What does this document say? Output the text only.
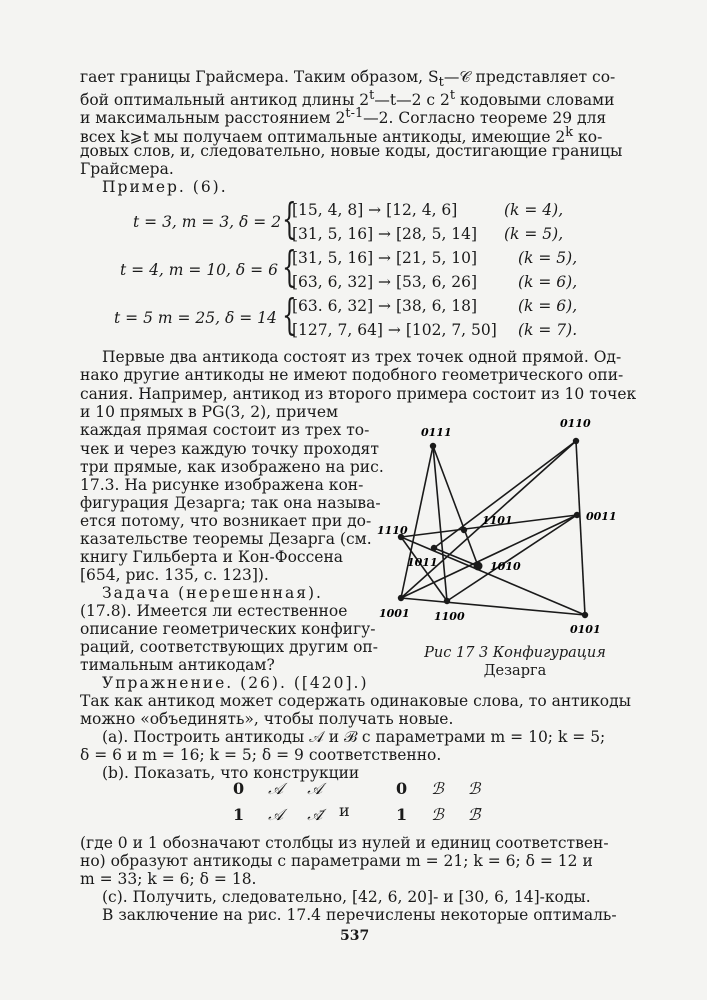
гает границы Грайсмера. Таким образом, $S_t—𝒞$ представляет со-
бой оптимальный антикод длины 2$^t$—t—2 с 2$^t$ кодовыми словами
и максимальным расстоянием 2$^{t-1}$—2. Согласно теореме 29 для
всех k⩾t мы получаем оптимальные антикоды, имеющие 2$^k$ ко-
довых слов, и, следовательно, новые коды, достигающие границы
Грайсмера.
Пример. (6).
t = 3, m = 3, δ = 2 {
[15, 4, 8] → [12, 4, 6]	(k = 4),
[31, 5, 16] → [28, 5, 14] (k = 5),
t = 4, m = 10, δ = 6 {
[31, 5, 16] → [21, 5, 10]	(k = 5),
[63, 6, 32] → [53, 6, 26]	(k = 6),
t = 5 m = 25, δ = 14 {
[63. 6, 32] → [38, 6, 18]	(k = 6),
[127, 7, 64] → [102, 7, 50] (k = 7).
Первые два антикода состоят из трех точек одной прямой. Од-
нако другие антикоды не имеют подобного геометрического опи-
сания. Например, антикод из второго примера состоит из 10 точек
и 10 прямых в PG(3, 2), причем
каждая прямая состоит из трех то-
чек и через каждую точку проходят
три прямые, как изображено на рис.
17.3. На рисунке изображена кон-
фигурация Дезарга; так она называ-
ется потому, что возникает при до-
казательстве теоремы Дезарга (см.
книгу Гильберта и Кон-Фоссена
[654, рис. 135, с. 123]).
Задача (нерешенная).
(17.8). Имеется ли естественное
описание геометрических конфигу-
раций, соответствующих другим оп-
тимальным антикодам?
0111
0110
1101	0011
1110
1011	1010
1001 1100
0101
Рис 17 3 Конфигурация
Дезарга
Упражнение. (26). ([420].)
Так как антикод может содержать одинаковые слова, то антикоды
можно «объединять», чтобы получать новые.
(a). Построить антикоды 𝒜 и ℬ с параметрами m = 10; k = 5;
δ = 6 и m = 16; k = 5; δ = 9 соответственно.
(b). Показать, что конструкции
0 𝒜 𝒜
1 𝒜 𝒜̄ и
0 ℬ ℬ
1 ℬ ℬ̄
(где 0 и 1 обозначают столбцы из нулей и единиц соответствен-
но) образуют антикоды с параметрами m = 21; k = 6; δ = 12 и
m = 33; k = 6; δ = 18.
(c). Получить, следовательно, [42, 6, 20]- и [30, 6, 14]-коды.
В заключение на рис. 17.4 перечислены некоторые оптималь-
537
